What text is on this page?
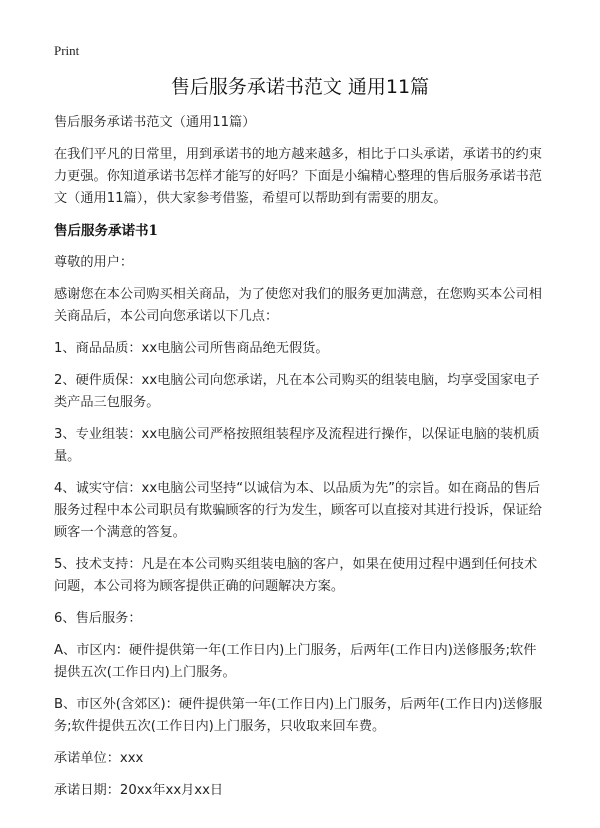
Print
售后服务承诺书范文 通用11篇

售后服务承诺书范文（通用11篇）

在我们平凡的日常里，用到承诺书的地方越来越多，相比于口头承诺，承诺书的约束力更强。你知道承诺书怎样才能写的好吗？下面是小编精心整理的售后服务承诺书范文（通用11篇），供大家参考借鉴，希望可以帮助到有需要的朋友。

售后服务承诺书1

尊敬的用户：

感谢您在本公司购买相关商品，为了使您对我们的服务更加满意，在您购买本公司相关商品后，本公司向您承诺以下几点：

1、商品品质：xx电脑公司所售商品绝无假货。

2、硬件质保：xx电脑公司向您承诺，凡在本公司购买的组装电脑，均享受国家电子类产品三包服务。

3、专业组装：xx电脑公司严格按照组装程序及流程进行操作，以保证电脑的装机质量。

4、诚实守信：xx电脑公司坚持“以诚信为本、以品质为先”的宗旨。如在商品的售后服务过程中本公司职员有欺骗顾客的行为发生，顾客可以直接对其进行投诉，保证给顾客一个满意的答复。

5、技术支持：凡是在本公司购买组装电脑的客户，如果在使用过程中遇到任何技术问题，本公司将为顾客提供正确的问题解决方案。

6、售后服务：

A、市区内：硬件提供第一年(工作日内)上门服务，后两年(工作日内)送修服务;软件提供五次(工作日内)上门服务。

B、市区外(含郊区)：硬件提供第一年(工作日内)上门服务，后两年(工作日内)送修服务;软件提供五次(工作日内)上门服务，只收取来回车费。

承诺单位：xxx

承诺日期：20xx年xx月xx日
